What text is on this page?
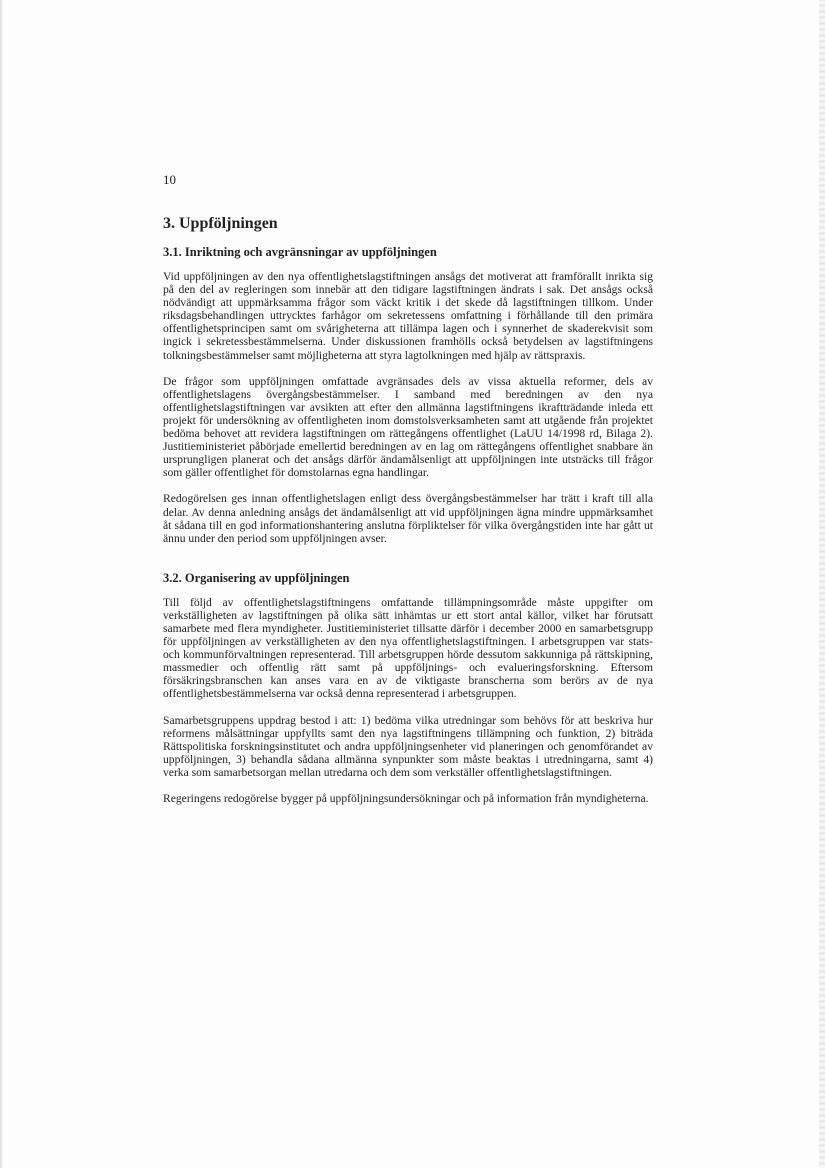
10
3. Uppföljningen
3.1. Inriktning och avgränsningar av uppföljningen

Vid uppföljningen av den nya offentlighetslagstiftningen ansågs det motiverat att framförallt inrikta sig på den del av regleringen som innebär att den tidigare lagstiftningen ändrats i sak. Det ansågs också nödvändigt att uppmärksamma frågor som väckt kritik i det skede då lagstiftningen tillkom. Under riksdagsbehandlingen uttrycktes farhågor om sekretessens omfattning i förhållande till den primära offentlighetsprincipen samt om svårigheterna att tillämpa lagen och i synnerhet de skaderekvisit som ingick i sekretessbestämmelserna. Under diskussionen framhölls också betydelsen av lagstiftningens tolkningsbestämmelser samt möjligheterna att styra lagtolkningen med hjälp av rättspraxis.

De frågor som uppföljningen omfattade avgränsades dels av vissa aktuella reformer, dels av offentlighetslagens övergångsbestämmelser. I samband med beredningen av den nya offentlighetslagstiftningen var avsikten att efter den allmänna lagstiftningens ikraftträdande inleda ett projekt för undersökning av offentligheten inom domstolsverksamheten samt att utgående från projektet bedöma behovet att revidera lagstiftningen om rättegångens offentlighet (LaUU 14/1998 rd, Bilaga 2). Justitieministeriet påbörjade emellertid beredningen av en lag om rättegångens offentlighet snabbare än ursprungligen planerat och det ansågs därför ändamålsenligt att uppföljningen inte utsträcks till frågor som gäller offentlighet för domstolarnas egna handlingar.

Redogörelsen ges innan offentlighetslagen enligt dess övergångsbestämmelser har trätt i kraft till alla delar. Av denna anledning ansågs det ändamålsenligt att vid uppföljningen ägna mindre uppmärksamhet åt sådana till en god informationshantering anslutna förpliktelser för vilka övergångstiden inte har gått ut ännu under den period som uppföljningen avser.

3.2. Organisering av uppföljningen

Till följd av offentlighetslagstiftningens omfattande tillämpningsområde måste uppgifter om verkställigheten av lagstiftningen på olika sätt inhämtas ur ett stort antal källor, vilket har förutsatt samarbete med flera myndigheter. Justitieministeriet tillsatte därför i december 2000 en samarbetsgrupp för uppföljningen av verkställigheten av den nya offentlighetslagstiftningen. I arbetsgruppen var stats- och kommunförvaltningen representerad. Till arbetsgruppen hörde dessutom sakkunniga på rättskipning, massmedier och offentlig rätt samt på uppföljnings- och evalueringsforskning. Eftersom försäkringsbranschen kan anses vara en av de viktigaste branscherna som berörs av de nya offentlighetsbestämmelserna var också denna representerad i arbetsgruppen.

Samarbetsgruppens uppdrag bestod i att: 1) bedöma vilka utredningar som behövs för att beskriva hur reformens målsättningar uppfyllts samt den nya lagstiftningens tillämpning och funktion, 2) biträda Rättspolitiska forskningsinstitutet och andra uppföljningsenheter vid planeringen och genomförandet av uppföljningen, 3) behandla sådana allmänna synpunkter som måste beaktas i utredningarna, samt 4) verka som samarbetsorgan mellan utredarna och dem som verkställer offentlighetslagstiftningen.

Regeringens redogörelse bygger på uppföljningsundersökningar och på information från myndigheterna.
